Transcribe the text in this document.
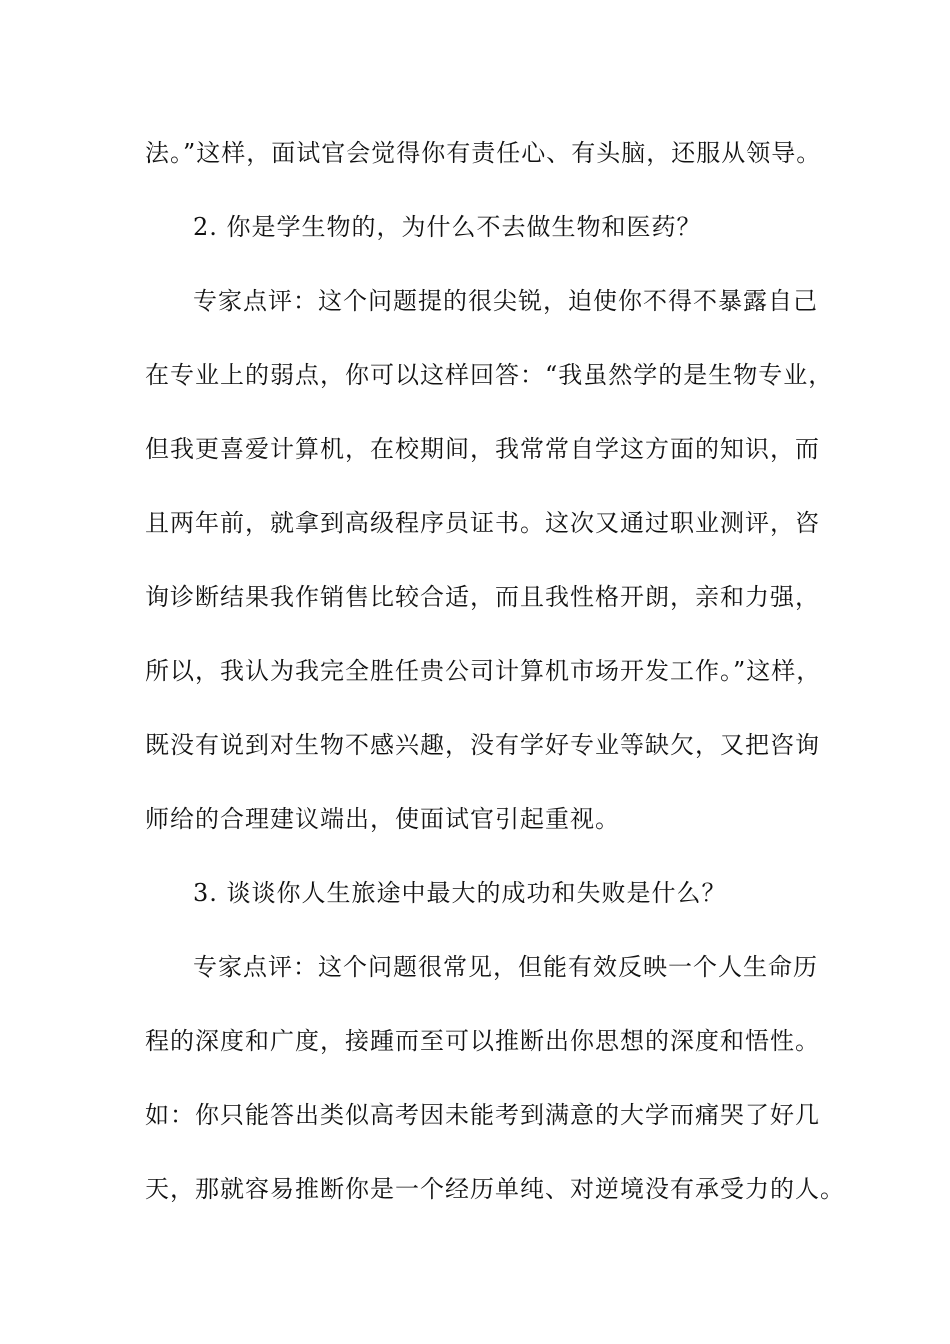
法。”这样，面试官会觉得你有责任心、有头脑，还服从领导。
2. 你是学生物的，为什么不去做生物和医药？
专家点评：这个问题提的很尖锐，迫使你不得不暴露自己
在专业上的弱点，你可以这样回答：“我虽然学的是生物专业，
但我更喜爱计算机，在校期间，我常常自学这方面的知识，而
且两年前，就拿到高级程序员证书。这次又通过职业测评，咨
询诊断结果我作销售比较合适，而且我性格开朗，亲和力强，
所以，我认为我完全胜任贵公司计算机市场开发工作。”这样，
既没有说到对生物不感兴趣，没有学好专业等缺欠，又把咨询
师给的合理建议端出，使面试官引起重视。
3. 谈谈你人生旅途中最大的成功和失败是什么？
专家点评：这个问题很常见，但能有效反映一个人生命历
程的深度和广度，接踵而至可以推断出你思想的深度和悟性。
如：你只能答出类似高考因未能考到满意的大学而痛哭了好几
天，那就容易推断你是一个经历单纯、对逆境没有承受力的人。
